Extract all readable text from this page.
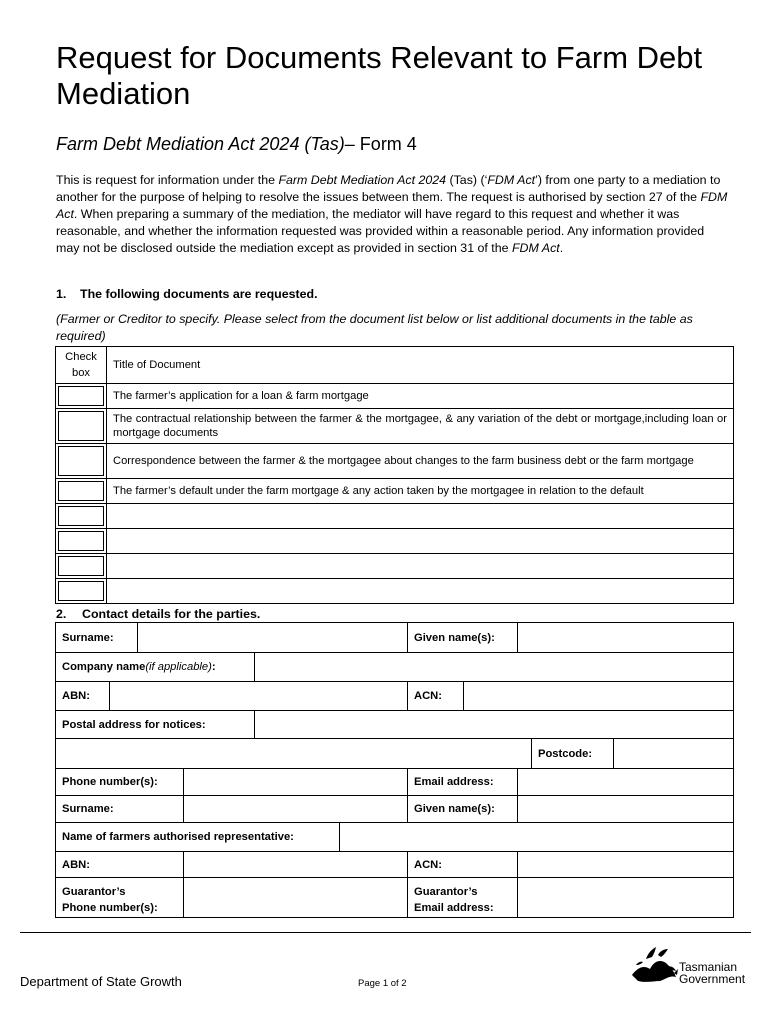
Request for Documents Relevant to Farm Debt Mediation
Farm Debt Mediation Act 2024 (Tas)– Form 4

This is request for information under the Farm Debt Mediation Act 2024 (Tas) (‘FDM Act’) from one party to a mediation to another for the purpose of helping to resolve the issues between them. The request is authorised by section 27 of the FDM Act. When preparing a summary of the mediation, the mediator will have regard to this request and whether it was reasonable, and whether the information requested was provided within a reasonable period. Any information provided may not be disclosed outside the mediation except as provided in section 31 of the FDM Act.

1. The following documents are requested.

(Farmer or Creditor to specify. Please select from the document list below or list additional documents in the table as required)

Check box	Title of Document

	The farmer’s application for a loan & farm mortgage

	The contractual relationship between the farmer & the mortgagee, & any variation of the debt or mortgage,including loan or mortgage documents

	Correspondence between the farmer & the mortgagee about changes to the farm business debt or the farm mortgage

	The farmer’s default under the farm mortgage & any action taken by the mortgagee in relation to the default

2. Contact details for the parties.
Surname:	Given name(s):
Company name (if applicable) :
ABN:	ACN:
Postal address for notices:
Postcode:
Phone number(s):	Email address:
Surname:	Given name(s):
Name of farmers authorised representative:
ABN:	ACN:
Guarantor’s
Phone number(s):
Guarantor’s
Email address:
Department of State Growth	Page 1 of 2
Tasmanian
Government
